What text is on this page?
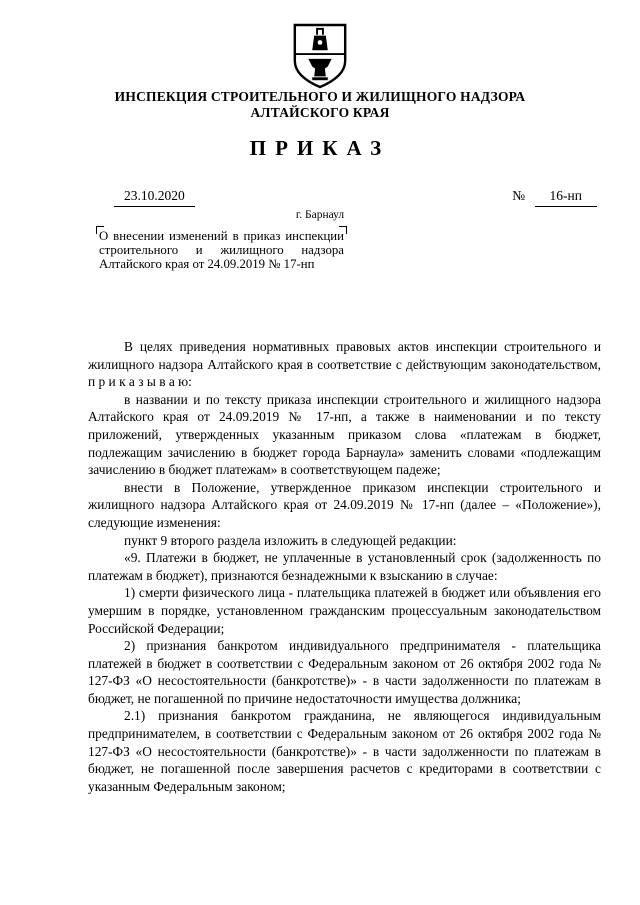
ИНСПЕКЦИЯ СТРОИТЕЛЬНОГО И ЖИЛИЩНОГО НАДЗОРА
АЛТАЙСКОГО КРАЯ
ПРИКАЗ
23.10.2020	№ 16-нп
г. Барнаул

О внесении изменений в приказ инспекции строительного и жилищного надзора Алтайского края от 24.09.2019 № 17-нп

В целях приведения нормативных правовых актов инспекции строительного и жилищного надзора Алтайского края в соответствие с действующим законодательством, п р и к а з ы в а ю:

в названии и по тексту приказа инспекции строительного и жилищного надзора Алтайского края от 24.09.2019 № 17-нп, а также в наименовании и по тексту приложений, утвержденных указанным приказом слова «платежам в бюджет, подлежащим зачислению в бюджет города Барнаула» заменить словами «подлежащим зачислению в бюджет платежам» в соответствующем падеже;

внести в Положение, утвержденное приказом инспекции строительного и жилищного надзора Алтайского края от 24.09.2019 № 17-нп (далее – «Положение»), следующие изменения:

пункт 9 второго раздела изложить в следующей редакции:

«9. Платежи в бюджет, не уплаченные в установленный срок (задолженность по платежам в бюджет), признаются безнадежными к взысканию в случае:

1) смерти физического лица - плательщика платежей в бюджет или объявления его умершим в порядке, установленном гражданским процессуальным законодательством Российской Федерации;

2) признания банкротом индивидуального предпринимателя - плательщика платежей в бюджет в соответствии с Федеральным законом от 26 октября 2002 года № 127-ФЗ «О несостоятельности (банкротстве)» - в части задолженности по платежам в бюджет, не погашенной по причине недостаточности имущества должника;

2.1) признания банкротом гражданина, не являющегося индивидуальным предпринимателем, в соответствии с Федеральным законом от 26 октября 2002 года № 127-ФЗ «О несостоятельности (банкротстве)» - в части задолженности по платежам в бюджет, не погашенной после завершения расчетов с кредиторами в соответствии с указанным Федеральным законом;
